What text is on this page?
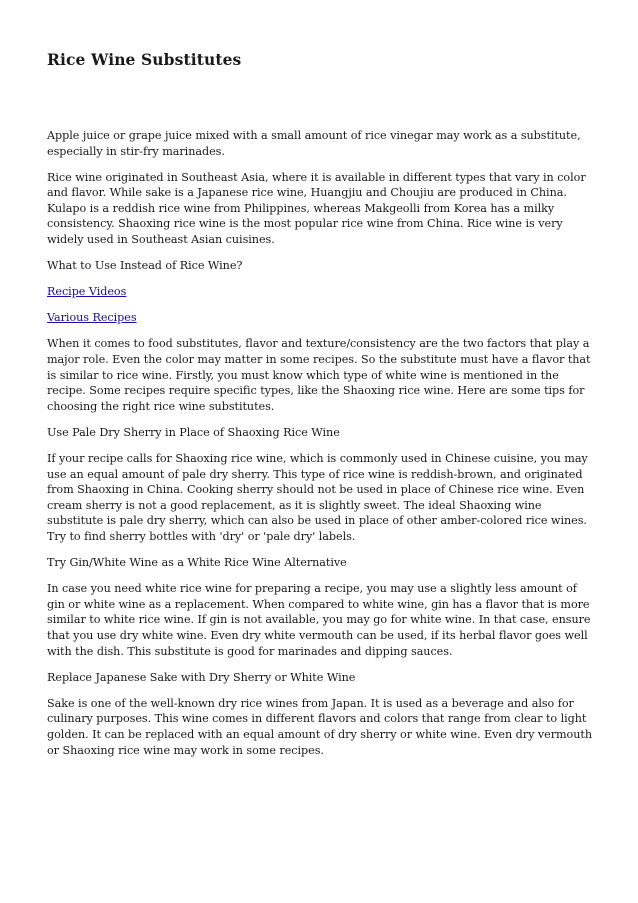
Rice Wine Substitutes

Apple juice or grape juice mixed with a small amount of rice vinegar may work as a substitute, especially in stir-fry marinades.

Rice wine originated in Southeast Asia, where it is available in different types that vary in color and flavor. While sake is a Japanese rice wine, Huangjiu and Choujiu are produced in China. Kulapo is a reddish rice wine from Philippines, whereas Makgeolli from Korea has a milky consistency. Shaoxing rice wine is the most popular rice wine from China. Rice wine is very widely used in Southeast Asian cuisines.

What to Use Instead of Rice Wine?

Recipe Videos

Various Recipes

When it comes to food substitutes, flavor and texture/consistency are the two factors that play a major role. Even the color may matter in some recipes. So the substitute must have a flavor that is similar to rice wine. Firstly, you must know which type of white wine is mentioned in the recipe. Some recipes require specific types, like the Shaoxing rice wine. Here are some tips for choosing the right rice wine substitutes.

Use Pale Dry Sherry in Place of Shaoxing Rice Wine

If your recipe calls for Shaoxing rice wine, which is commonly used in Chinese cuisine, you may use an equal amount of pale dry sherry. This type of rice wine is reddish-brown, and originated from Shaoxing in China. Cooking sherry should not be used in place of Chinese rice wine. Even cream sherry is not a good replacement, as it is slightly sweet. The ideal Shaoxing wine substitute is pale dry sherry, which can also be used in place of other amber-colored rice wines. Try to find sherry bottles with 'dry' or 'pale dry' labels.

Try Gin/White Wine as a White Rice Wine Alternative

In case you need white rice wine for preparing a recipe, you may use a slightly less amount of gin or white wine as a replacement. When compared to white wine, gin has a flavor that is more similar to white rice wine. If gin is not available, you may go for white wine. In that case, ensure that you use dry white wine. Even dry white vermouth can be used, if its herbal flavor goes well with the dish. This substitute is good for marinades and dipping sauces.

Replace Japanese Sake with Dry Sherry or White Wine

Sake is one of the well-known dry rice wines from Japan. It is used as a beverage and also for culinary purposes. This wine comes in different flavors and colors that range from clear to light golden. It can be replaced with an equal amount of dry sherry or white wine. Even dry vermouth or Shaoxing rice wine may work in some recipes.
